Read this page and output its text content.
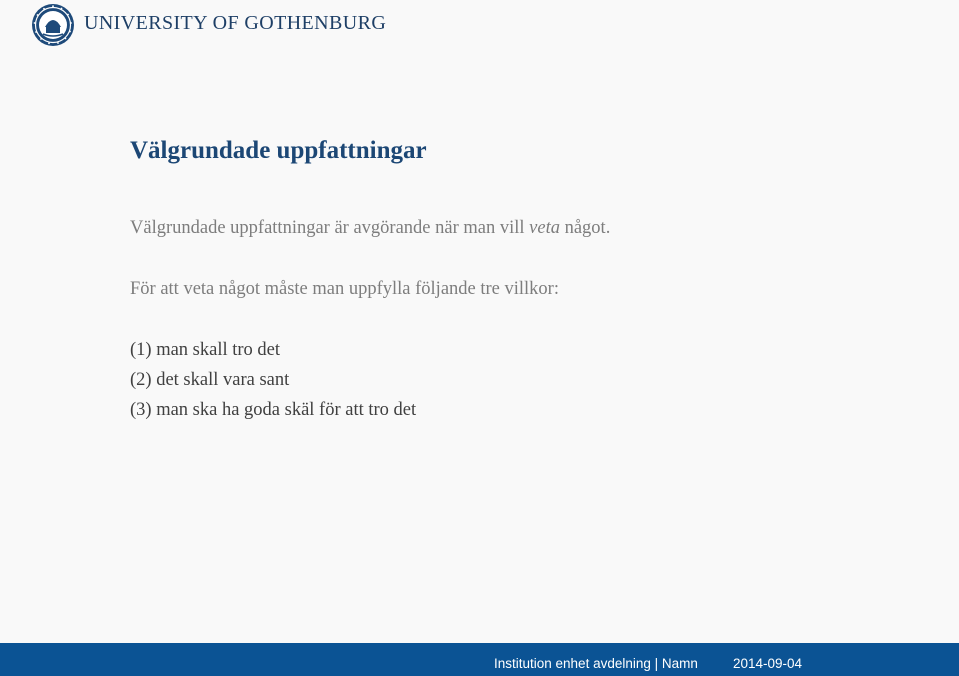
UNIVERSITY OF GOTHENBURG
Välgrundade uppfattningar

Välgrundade uppfattningar är avgörande när man vill veta något.

För att veta något måste man uppfylla följande tre villkor:

(1) man skall tro det
(2) det skall vara sant
(3) man ska ha goda skäl för att tro det
Institution enhet avdelning | Namn	2014-09-04
